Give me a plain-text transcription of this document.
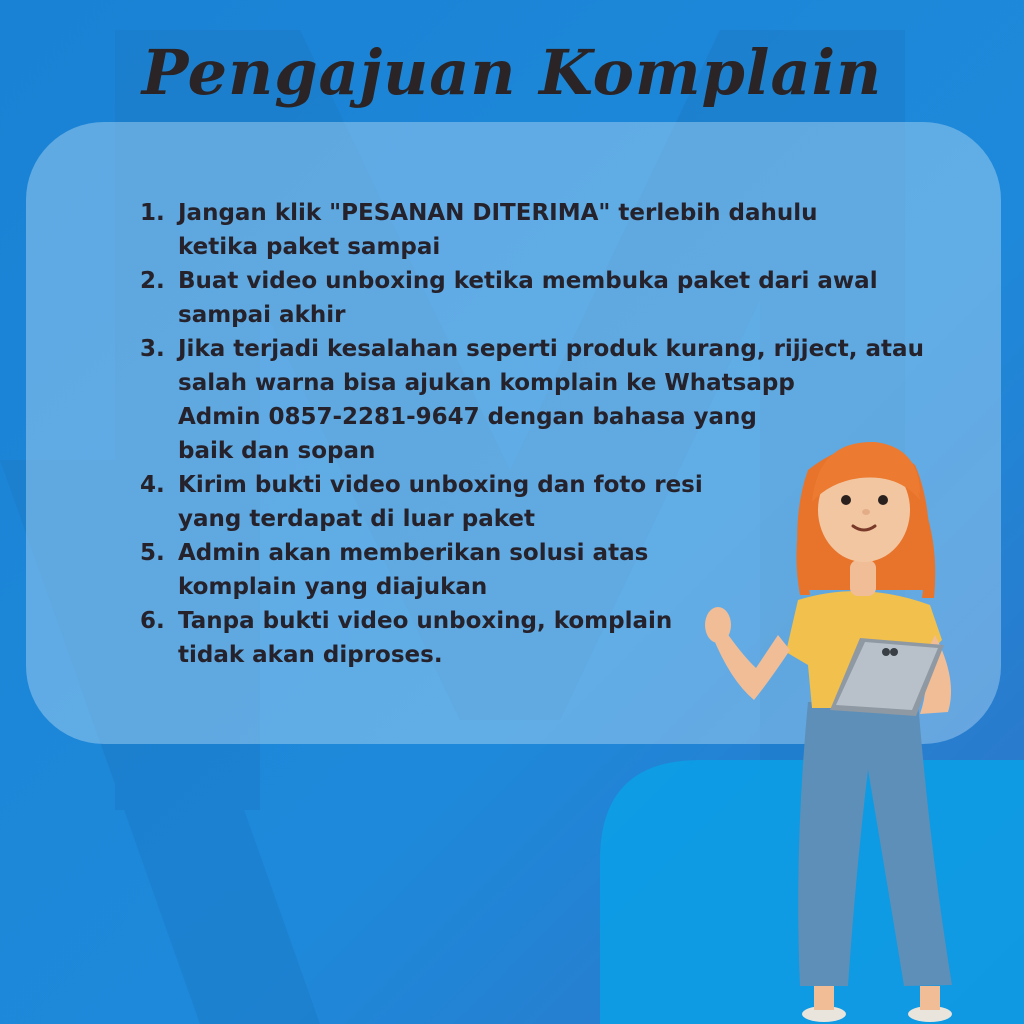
Pengajuan Komplain
1. Jangan klik "PESANAN DITERIMA" terlebih dahulu
ketika paket sampai
2. Buat video unboxing ketika membuka paket dari awal
sampai akhir
3. Jika terjadi kesalahan seperti produk kurang, rijject, atau
salah warna bisa ajukan komplain ke Whatsapp
Admin 0857-2281-9647 dengan bahasa yang
baik dan sopan
4. Kirim bukti video unboxing dan foto resi
yang terdapat di luar paket
5. Admin akan memberikan solusi atas
komplain yang diajukan
6. Tanpa bukti video unboxing, komplain
tidak akan diproses.
